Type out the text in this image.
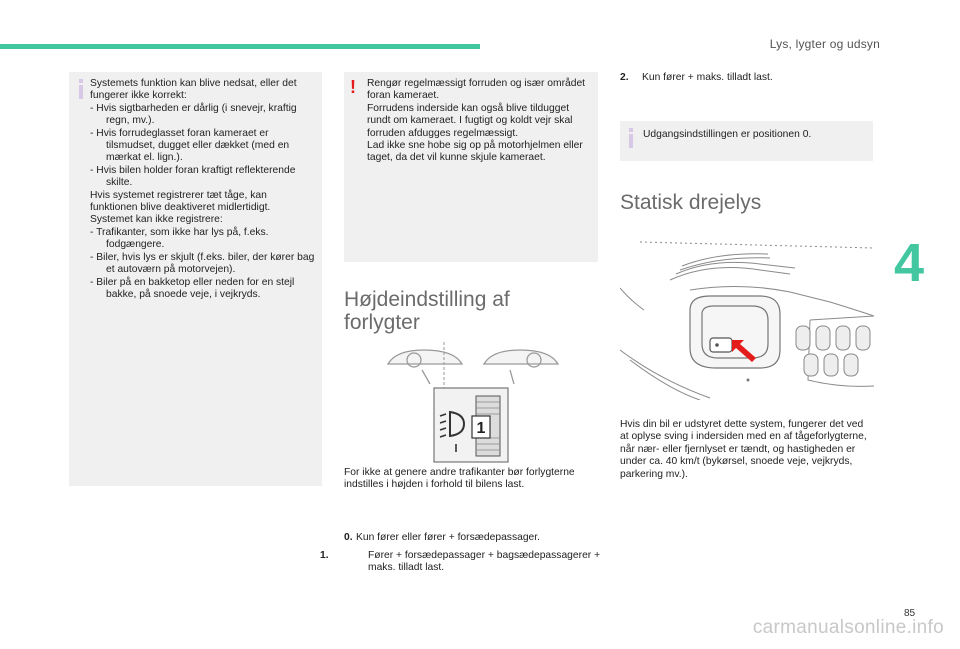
Lys, lygter og udsyn
4
Systemets funktion kan blive nedsat, eller det fungerer ikke korrekt:
- Hvis sigtbarheden er dårlig (i snevejr, kraftig regn, mv.).
- Hvis forrudeglasset foran kameraet er tilsmudset, dugget eller dækket (med en mærkat el. lign.).
- Hvis bilen holder foran kraftigt reflekterende skilte.
Hvis systemet registrerer tæt tåge, kan funktionen blive deaktiveret midlertidigt.
Systemet kan ikke registrere:
- Trafikanter, som ikke har lys på, f.eks. fodgængere.
- Biler, hvis lys er skjult (f.eks. biler, der kører bag et autoværn på motorvejen).
- Biler på en bakketop eller neden for en stejl bakke, på snoede veje, i vejkryds.
! Rengør regelmæssigt forruden og især området foran kameraet.
Forrudens inderside kan også blive tildugget rundt om kameraet. I fugtigt og koldt vejr skal forruden afdugges regelmæssigt.
Lad ikke sne hobe sig op på motorhjelmen eller taget, da det vil kunne skjule kameraet.
Højdeindstilling af
forlygter
1
For ikke at genere andre trafikanter bør forlygterne indstilles i højden i forhold til bilens last.
0. Kun fører eller fører + forsædepassager.
1.	Fører + forsædepassager + bagsædepassagerer + maks. tilladt last.
2. Kun fører + maks. tilladt last.
Udgangsindstillingen er positionen 0.
Statisk drejelys
Hvis din bil er udstyret dette system, fungerer det ved at oplyse sving i indersiden med en af tågeforlygterne, når nær- eller fjernlyset er tændt, og hastigheden er under ca. 40 km/t (bykørsel, snoede veje, vejkryds, parkering mv.).
85
carmanualsonline.info
